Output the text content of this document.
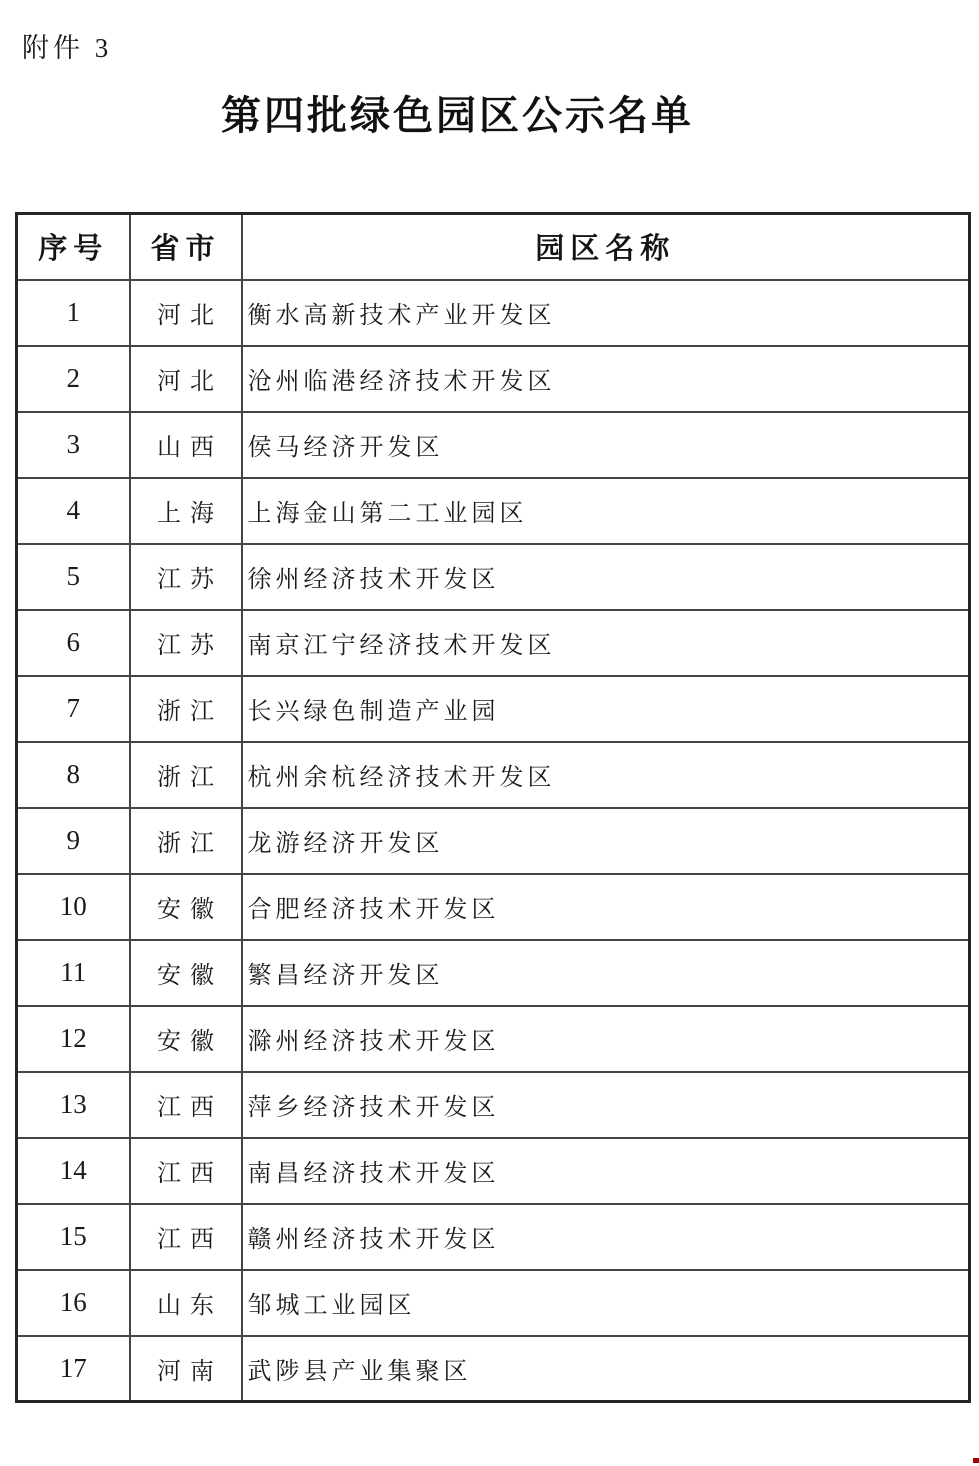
附件 3
第四批绿色园区公示名单
序号	省市	园区名称
1	河北	衡水高新技术产业开发区
2	河北	沧州临港经济技术开发区
3	山西	侯马经济开发区
4	上海	上海金山第二工业园区
5	江苏	徐州经济技术开发区
6	江苏	南京江宁经济技术开发区
7	浙江	长兴绿色制造产业园
8	浙江	杭州余杭经济技术开发区
9	浙江	龙游经济开发区
10	安徽	合肥经济技术开发区
11	安徽	繁昌经济开发区
12	安徽	滁州经济技术开发区
13	江西	萍乡经济技术开发区
14	江西	南昌经济技术开发区
15	江西	赣州经济技术开发区
16	山东	邹城工业园区
17	河南	武陟县产业集聚区
